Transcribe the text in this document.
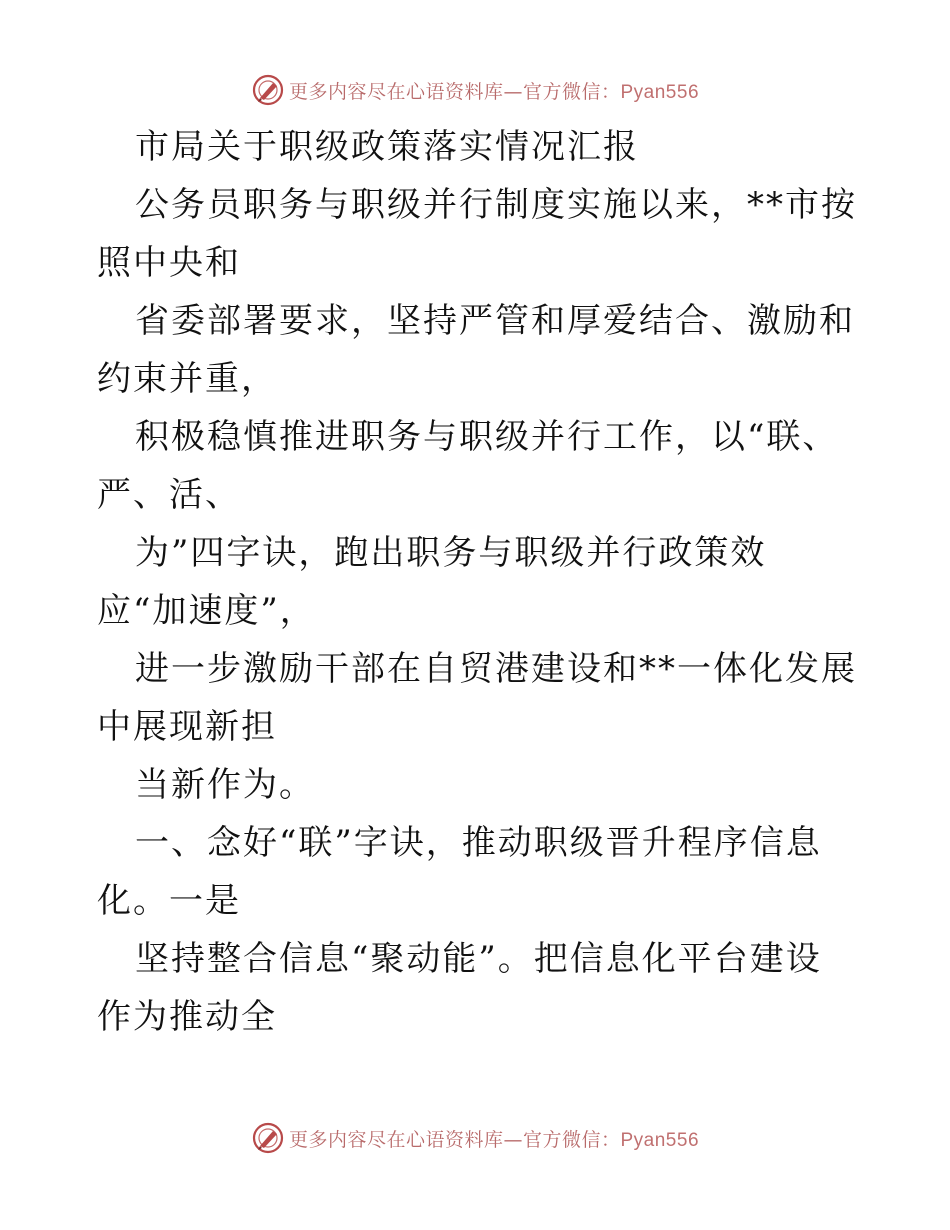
更多内容尽在心语资料库—官方微信：Pyan556

市局关于职级政策落实情况汇报

公务员职务与职级并行制度实施以来，**市按照中央和

省委部署要求，坚持严管和厚爱结合、激励和约束并重，

积极稳慎推进职务与职级并行工作，以“联、严、活、

为”四字诀，跑出职务与职级并行政策效应“加速度”，

进一步激励干部在自贸港建设和**一体化发展中展现新担

当新作为。

一、念好“联”字诀，推动职级晋升程序信息化。一是

坚持整合信息“聚动能”。把信息化平台建设作为推动全

更多内容尽在心语资料库—官方微信：Pyan556
